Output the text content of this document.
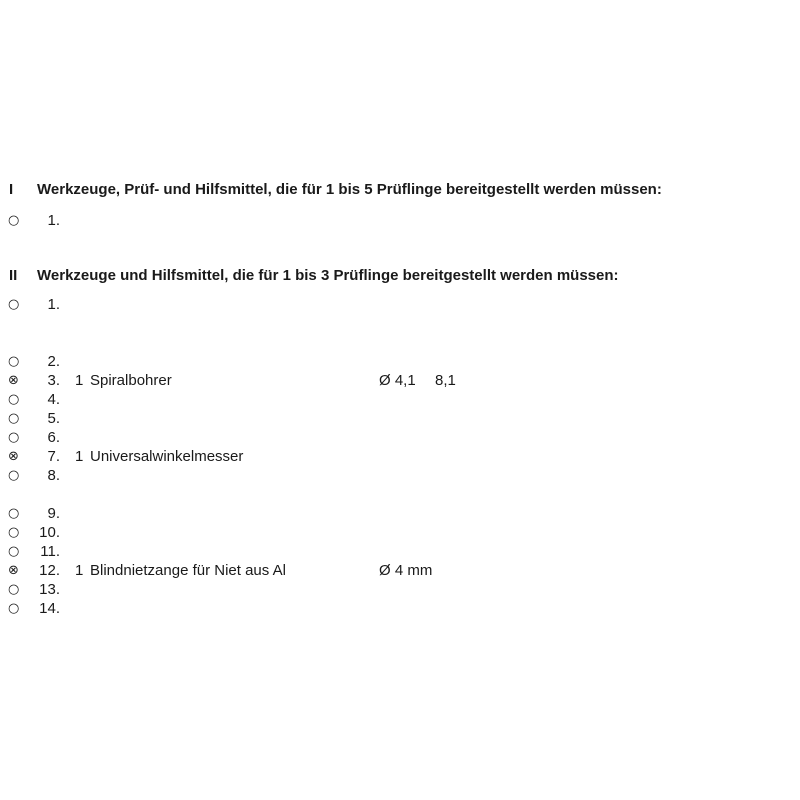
I Werkzeuge, Prüf- und Hilfsmittel, die für 1 bis 5 Prüflinge bereitgestellt werden müssen:
○	1.
II Werkzeuge und Hilfsmittel, die für 1 bis 3 Prüflinge bereitgestellt werden müssen:
○	1.
○	2.
⊗	3. 1 Spiralbohrer	Ø 4,1 8,1
○	4.
○	5.
○	6.
⊗	7. 1 Universalwinkelmesser
○	8.
○	9.
○ 10.
○ 11.
⊗ 12. 1 Blindnietzange für Niet aus Al	Ø 4 mm
○ 13.
○ 14.
